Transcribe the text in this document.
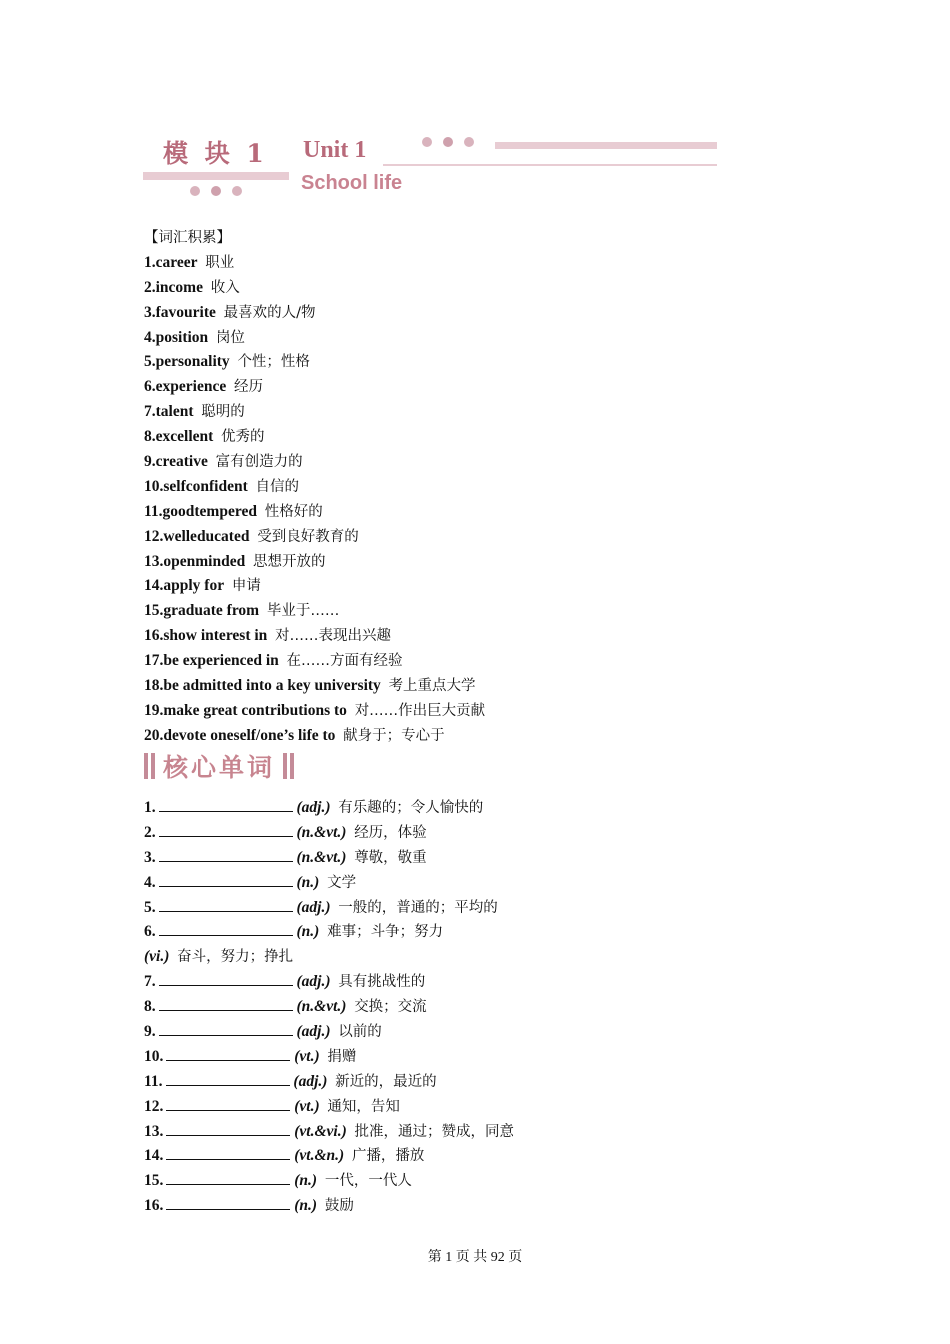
模 块 1 Unit 1
School life
【词汇积累】
1.career 职业
2.income 收入
3.favourite 最喜欢的人/物
4.position 岗位
5.personality 个性；性格
6.experience 经历
7.talent 聪明的
8.excellent 优秀的
9.creative 富有创造力的
10.selfconfident 自信的
11.goodtempered 性格好的
12.welleducated 受到良好教育的
13.openminded 思想开放的
14.apply for 申请
15.graduate from 毕业于……
16.show interest in 对……表现出兴趣
17.be experienced in 在……方面有经验
18.be admitted into a key university 考上重点大学
19.make great contributions to 对……作出巨大贡献
20.devote oneself/one’s life to 献身于；专心于
核心单词
1.	(adj.) 有乐趣的；令人愉快的
2.	(n.&vt.) 经历，体验
3.	(n.&vt.) 尊敬，敬重
4.	(n.) 文学
5.	(adj.) 一般的，普通的；平均的
6.	(n.) 难事；斗争；努力
(vi.) 奋斗，努力；挣扎
7.	(adj.) 具有挑战性的
8.	(n.&vt.) 交换；交流
9.	(adj.) 以前的
10.	(vt.) 捐赠
11.	(adj.) 新近的，最近的
12.	(vt.) 通知，告知
13.	(vt.&vi.) 批准，通过；赞成，同意
14.	(vt.&n.) 广播，播放
15.	(n.) 一代，一代人
16.	(n.) 鼓励
第 1 页 共 92 页
